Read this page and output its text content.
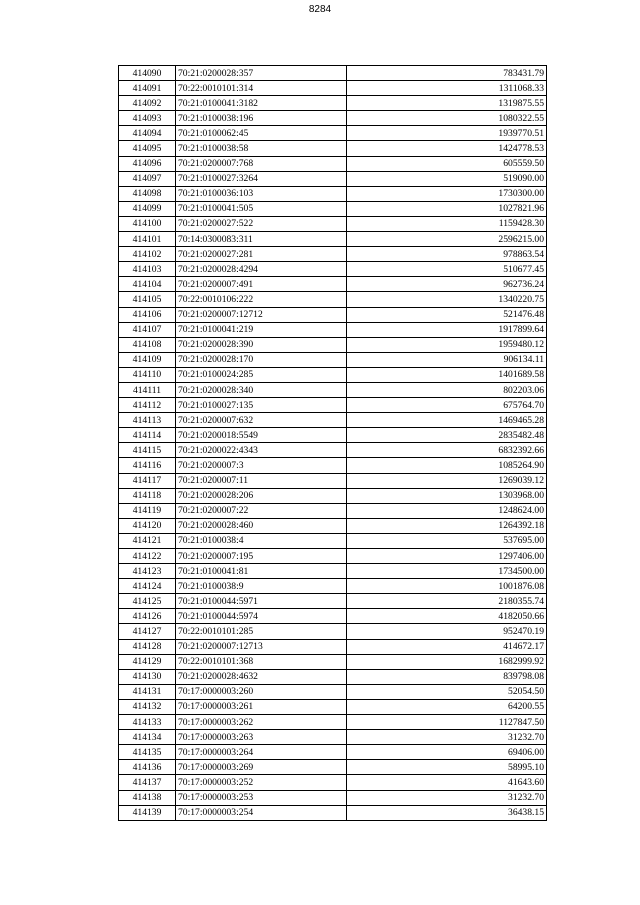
8284
414090	70:21:0200028:357	783431.79
414091	70:22:0010101:314	1311068.33
414092	70:21:0100041:3182	1319875.55
414093	70:21:0100038:196	1080322.55
414094	70:21:0100062:45	1939770.51
414095	70:21:0100038:58	1424778.53
414096	70:21:0200007:768	605559.50
414097	70:21:0100027:3264	519090.00
414098	70:21:0100036:103	1730300.00
414099	70:21:0100041:505	1027821.96
414100	70:21:0200027:522	1159428.30
414101	70:14:0300083:311	2596215.00
414102	70:21:0200027:281	978863.54
414103	70:21:0200028:4294	510677.45
414104	70:21:0200007:491	962736.24
414105	70:22:0010106:222	1340220.75
414106	70:21:0200007:12712	521476.48
414107	70:21:0100041:219	1917899.64
414108	70:21:0200028:390	1959480.12
414109	70:21:0200028:170	906134.11
414110	70:21:0100024:285	1401689.58
414111	70:21:0200028:340	802203.06
414112	70:21:0100027:135	675764.70
414113	70:21:0200007:632	1469465.28
414114	70:21:0200018:5549	2835482.48
414115	70:21:0200022:4343	6832392.66
414116	70:21:0200007:3	1085264.90
414117	70:21:0200007:11	1269039.12
414118	70:21:0200028:206	1303968.00
414119	70:21:0200007:22	1248624.00
414120	70:21:0200028:460	1264392.18
414121	70:21:0100038:4	537695.00
414122	70:21:0200007:195	1297406.00
414123	70:21:0100041:81	1734500.00
414124	70:21:0100038:9	1001876.08
414125	70:21:0100044:5971	2180355.74
414126	70:21:0100044:5974	4182050.66
414127	70:22:0010101:285	952470.19
414128	70:21:0200007:12713	414672.17
414129	70:22:0010101:368	1682999.92
414130	70:21:0200028:4632	839798.08
414131	70:17:0000003:260	52054.50
414132	70:17:0000003:261	64200.55
414133	70:17:0000003:262	1127847.50
414134	70:17:0000003:263	31232.70
414135	70:17:0000003:264	69406.00
414136	70:17:0000003:269	58995.10
414137	70:17:0000003:252	41643.60
414138	70:17:0000003:253	31232.70
414139	70:17:0000003:254	36438.15
